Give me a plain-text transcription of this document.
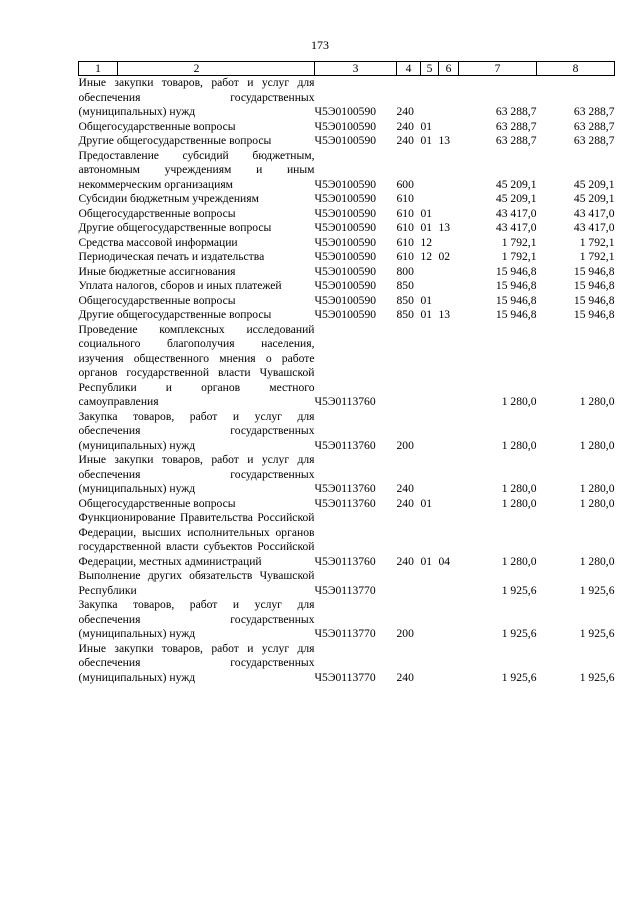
173
1 2	3	4	5	6	7	8
Иные закупки товаров, работ и услуг для обеспечения государственных (муниципальных) нужд	Ч5Э0100590	240			63 288,7	63 288,7
Общегосударственные вопросы	Ч5Э0100590	240	01		63 288,7	63 288,7
Другие общегосударственные вопросы	Ч5Э0100590	240	01	13	63 288,7	63 288,7
Предоставление субсидий бюджетным, автономным учреждениям и иным некоммерческим организациям	Ч5Э0100590	600			45 209,1	45 209,1
Субсидии бюджетным учреждениям	Ч5Э0100590	610			45 209,1	45 209,1
Общегосударственные вопросы	Ч5Э0100590	610	01		43 417,0	43 417,0
Другие общегосударственные вопросы	Ч5Э0100590	610	01	13	43 417,0	43 417,0
Средства массовой информации	Ч5Э0100590	610	12		1 792,1	1 792,1
Периодическая печать и издательства	Ч5Э0100590	610	12	02	1 792,1	1 792,1
Иные бюджетные ассигнования	Ч5Э0100590	800			15 946,8	15 946,8
Уплата налогов, сборов и иных платежей	Ч5Э0100590	850			15 946,8	15 946,8
Общегосударственные вопросы	Ч5Э0100590	850	01		15 946,8	15 946,8
Другие общегосударственные вопросы	Ч5Э0100590	850	01	13	15 946,8	15 946,8
Проведение комплексных исследований социального благополучия населения, изучения общественного мнения о работе органов государственной власти Чувашской Республики и органов местного самоуправления	Ч5Э0113760				1 280,0	1 280,0
Закупка товаров, работ и услуг для обеспечения государственных (муниципальных) нужд	Ч5Э0113760	200			1 280,0	1 280,0
Иные закупки товаров, работ и услуг для обеспечения государственных (муниципальных) нужд	Ч5Э0113760	240			1 280,0	1 280,0
Общегосударственные вопросы	Ч5Э0113760	240	01		1 280,0	1 280,0
Функционирование Правительства Российской Федерации, высших исполнительных органов государственной власти субъектов Российской Федерации, местных администраций	Ч5Э0113760	240	01	04	1 280,0	1 280,0
Выполнение других обязательств Чувашской Республики	Ч5Э0113770				1 925,6	1 925,6
Закупка товаров, работ и услуг для обеспечения государственных (муниципальных) нужд	Ч5Э0113770	200			1 925,6	1 925,6
Иные закупки товаров, работ и услуг для обеспечения государственных (муниципальных) нужд	Ч5Э0113770	240			1 925,6	1 925,6
